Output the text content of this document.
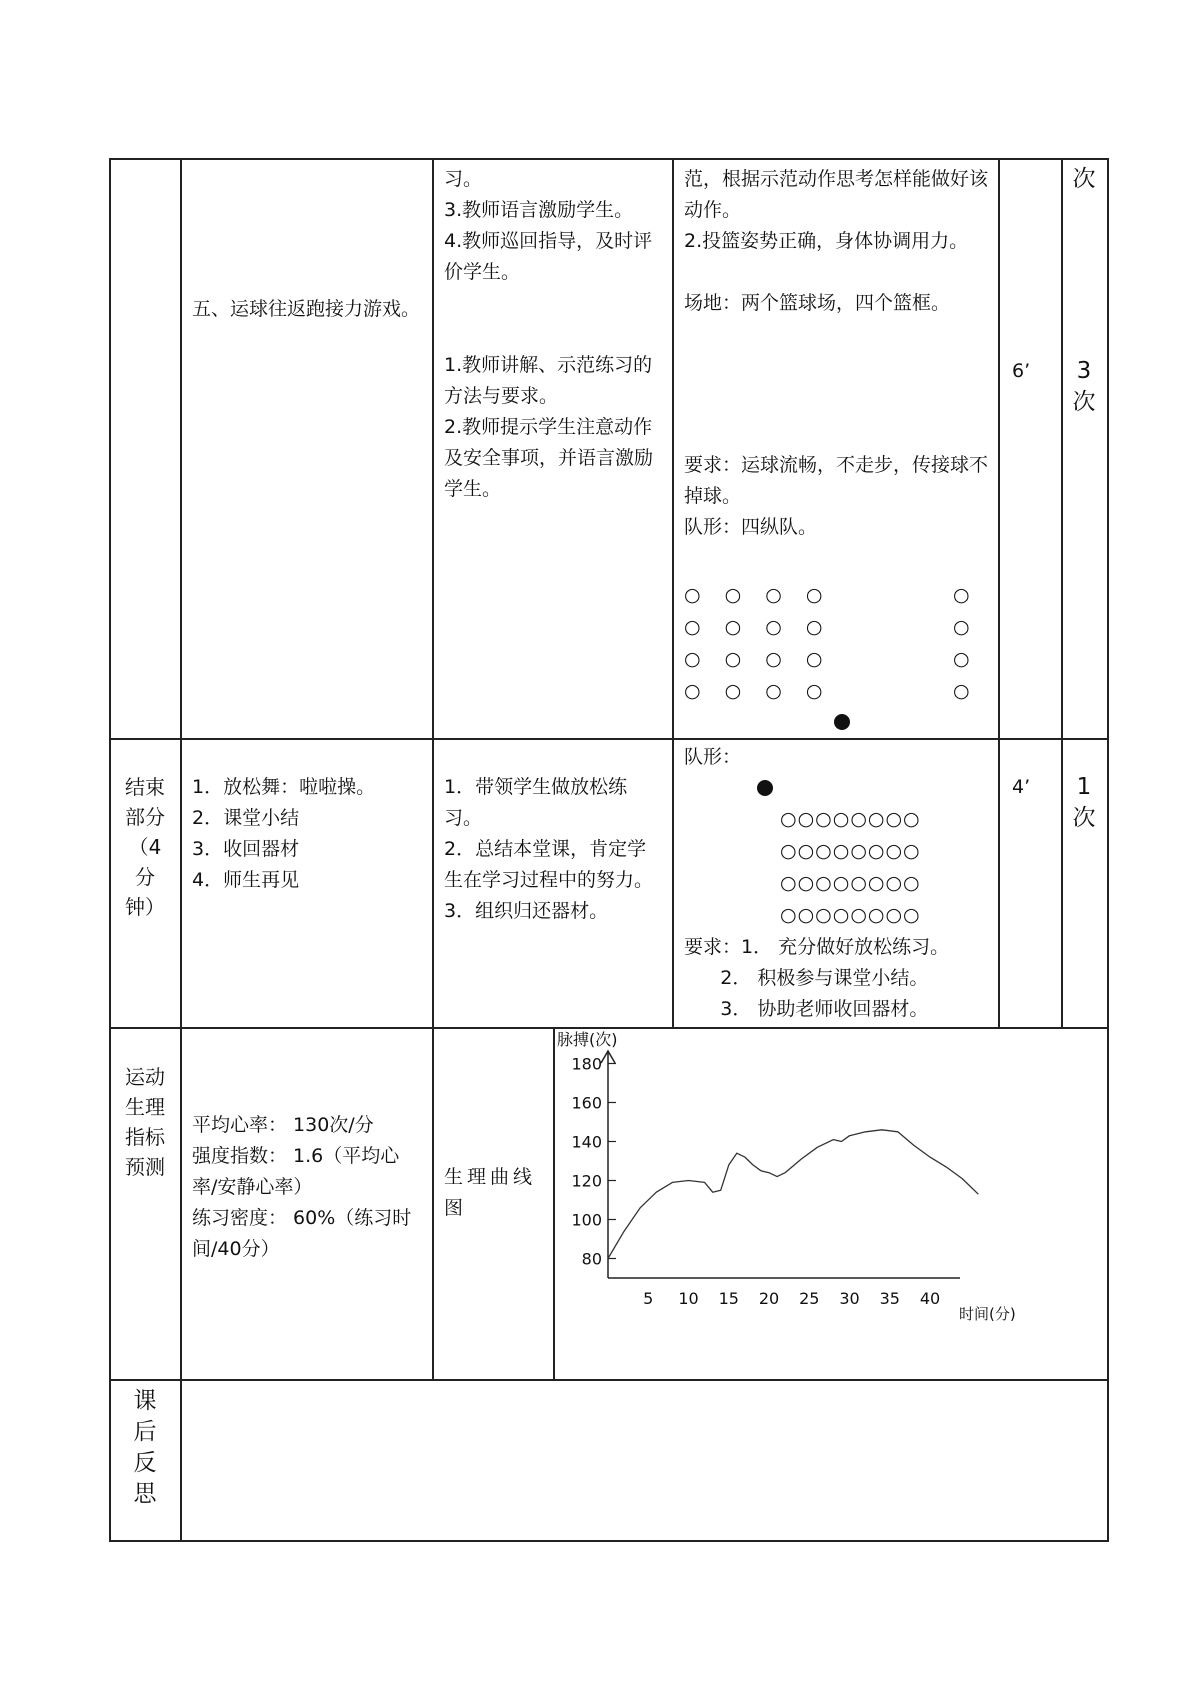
五、运球往返跑接力游戏。
习。
3.教师语言激励学生。
4.教师巡回指导，及时评价学生。

1.教师讲解、示范练习的方法与要求。
2.教师提示学生注意动作及安全事项，并语言激励学生。
范，根据示范动作思考怎样能做好该动作。
2.投篮姿势正确，身体协调用力。

场地：两个篮球场，四个篮框。
要求：运球流畅，不走步，传接球不掉球。
队形：四纵队。
○ ○ ○ ○
○ ○ ○ ○
○ ○ ○ ○
○ ○ ○ ○
○
○
○
○
6’
次
3
次
结束部分（4分钟）
1．放松舞：啦啦操。
2．课堂小结
3．收回器材
4．师生再见
1．带领学生做放松练习。
2．总结本堂课，肯定学生在学习过程中的努力。
3．组织归还器材。
队形：
○○○○○○○○
○○○○○○○○
○○○○○○○○
○○○○○○○○
要求：1． 充分做好放松练习。
2． 积极参与课堂小结。
3． 协助老师收回器材。
4’	1
次
运动生理指标预测
平均心率： 130次/分
强度指数： 1.6（平均心率/安静心率）
练习密度： 60%（练习时间/40分）
生理曲线图
脉搏(次)
时间(分)
80
100
120
140
160
180
5 10 15 20 25 30 35 40
课后反思
